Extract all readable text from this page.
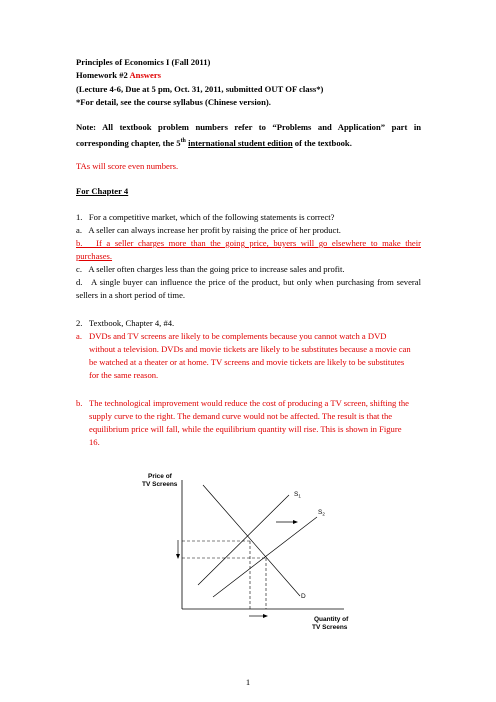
Principles of Economics I (Fall 2011)
Homework #2 Answers
(Lecture 4-6, Due at 5 pm, Oct. 31, 2011, submitted OUT OF class*)
*For detail, see the course syllabus (Chinese version).
Note: All textbook problem numbers refer to “Problems and Application” part in
corresponding chapter, the 5th international student edition of the textbook.
TAs will score even numbers.
For Chapter 4
1.   For a competitive market, which of the following statements is correct?
a.   A seller can always increase her profit by raising the price of her product.
b.   If a seller charges more than the going price, buyers will go elsewhere to make their
purchases.
c.   A seller often charges less than the going price to increase sales and profit.
d.   A single buyer can influence the price of the product, but only when purchasing from several
sellers in a short period of time.
2.   Textbook, Chapter 4, #4.
a. DVDs and TV screens are likely to be complements because you cannot watch a DVD
without a television. DVDs and movie tickets are likely to be substitutes because a movie can
be watched at a theater or at home. TV screens and movie tickets are likely to be substitutes
for the same reason.
b. The technological improvement would reduce the cost of producing a TV screen, shifting the
supply curve to the right. The demand curve would not be affected. The result is that the
equilibrium price will fall, while the equilibrium quantity will rise. This is shown in Figure
16.
Price of
TV Screens
$S_1$
$S_2$
D
Quantity of
TV Screens
1
